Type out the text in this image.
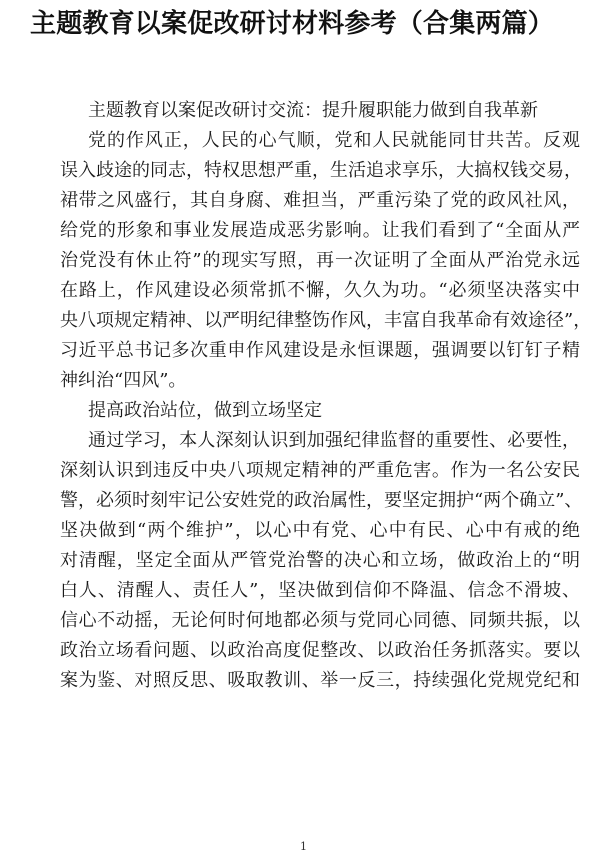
主题教育以案促改研讨材料参考（合集两篇）
主题教育以案促改研讨交流：提升履职能力做到自我革新
党的作风正，人民的心气顺，党和人民就能同甘共苦。反观
误入歧途的同志，特权思想严重，生活追求享乐，大搞权钱交易，
裙带之风盛行，其自身腐、难担当，严重污染了党的政风社风，
给党的形象和事业发展造成恶劣影响。让我们看到了“全面从严
治党没有休止符”的现实写照，再一次证明了全面从严治党永远
在路上，作风建设必须常抓不懈，久久为功。“必须坚决落实中
央八项规定精神、以严明纪律整饬作风，丰富自我革命有效途径”，
习近平总书记多次重申作风建设是永恒课题，强调要以钉钉子精
神纠治“四风”。
提高政治站位，做到立场坚定
通过学习，本人深刻认识到加强纪律监督的重要性、必要性，
深刻认识到违反中央八项规定精神的严重危害。作为一名公安民
警，必须时刻牢记公安姓党的政治属性，要坚定拥护“两个确立”、
坚决做到“两个维护”，以心中有党、心中有民、心中有戒的绝
对清醒，坚定全面从严管党治警的决心和立场，做政治上的“明
白人、清醒人、责任人”，坚决做到信仰不降温、信念不滑坡、
信心不动摇，无论何时何地都必须与党同心同德、同频共振，以
政治立场看问题、以政治高度促整改、以政治任务抓落实。要以
案为鉴、对照反思、吸取教训、举一反三，持续强化党规党纪和
1
